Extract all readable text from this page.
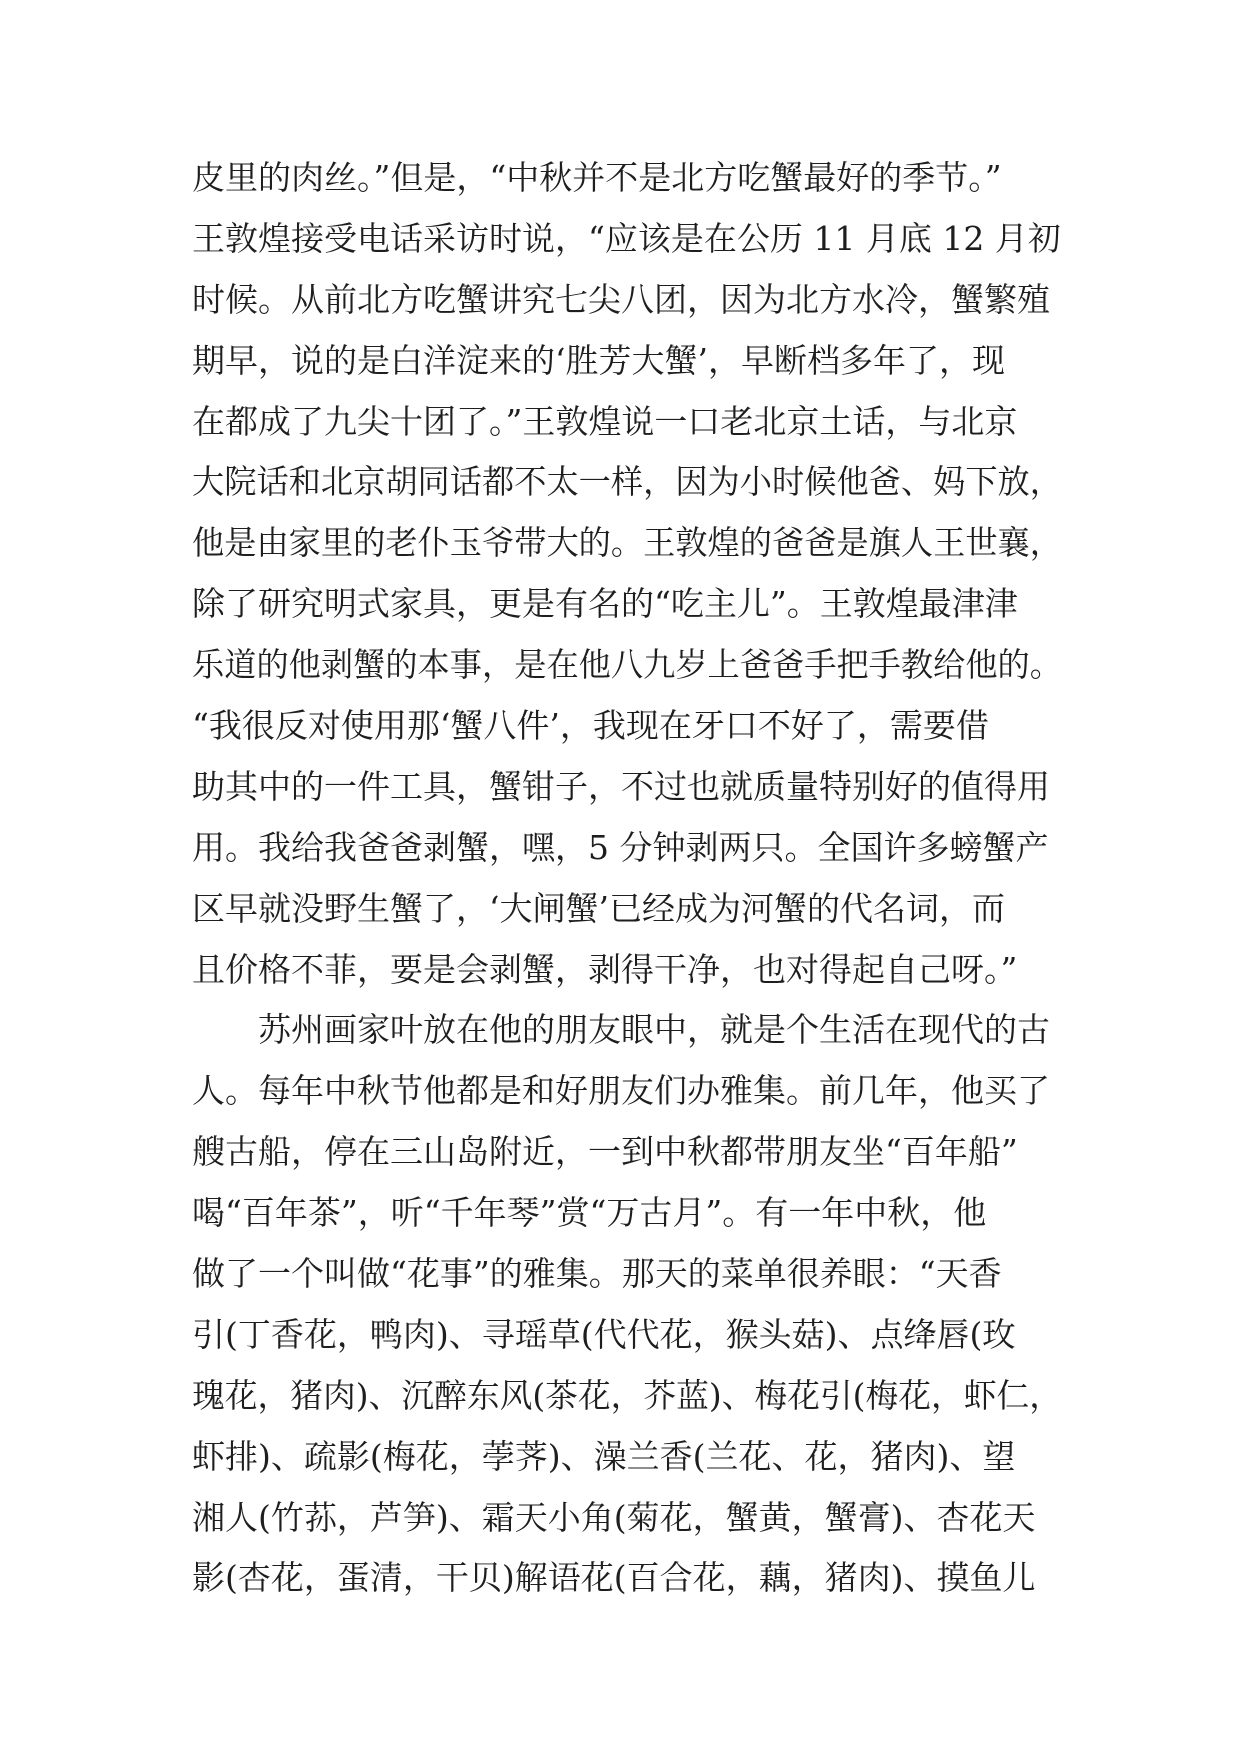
皮里的肉丝。”但是，“中秋并不是北方吃蟹最好的季节。”
王敦煌接受电话采访时说，“应该是在公历 11 月底 12 月初
时候。从前北方吃蟹讲究七尖八团，因为北方水冷，蟹繁殖
期早，说的是白洋淀来的‘胜芳大蟹’，早断档多年了，现
在都成了九尖十团了。”王敦煌说一口老北京土话，与北京
大院话和北京胡同话都不太一样，因为小时候他爸、妈下放，
他是由家里的老仆玉爷带大的。王敦煌的爸爸是旗人王世襄，
除了研究明式家具，更是有名的“吃主儿”。王敦煌最津津
乐道的他剥蟹的本事，是在他八九岁上爸爸手把手教给他的。
“我很反对使用那‘蟹八件’，我现在牙口不好了，需要借
助其中的一件工具，蟹钳子，不过也就质量特别好的值得用
用。我给我爸爸剥蟹，嘿，5 分钟剥两只。全国许多螃蟹产
区早就没野生蟹了，‘大闸蟹’已经成为河蟹的代名词，而
且价格不菲，要是会剥蟹，剥得干净，也对得起自己呀。”
苏州画家叶放在他的朋友眼中，就是个生活在现代的古
人。每年中秋节他都是和好朋友们办雅集。前几年，他买了
艘古船，停在三山岛附近，一到中秋都带朋友坐“百年船”
喝“百年茶”，听“千年琴”赏“万古月”。有一年中秋，他
做了一个叫做“花事”的雅集。那天的菜单很养眼：“天香
引(丁香花，鸭肉)、寻瑶草(代代花，猴头菇)、点绛唇(玫
瑰花，猪肉)、沉醉东风(茶花，芥蓝)、梅花引(梅花，虾仁，
虾排)、疏影(梅花，荸荠)、澡兰香(兰花、花，猪肉)、望
湘人(竹荪，芦笋)、霜天小角(菊花，蟹黄，蟹膏)、杏花天
影(杏花，蛋清，干贝)解语花(百合花，藕，猪肉)、摸鱼儿
